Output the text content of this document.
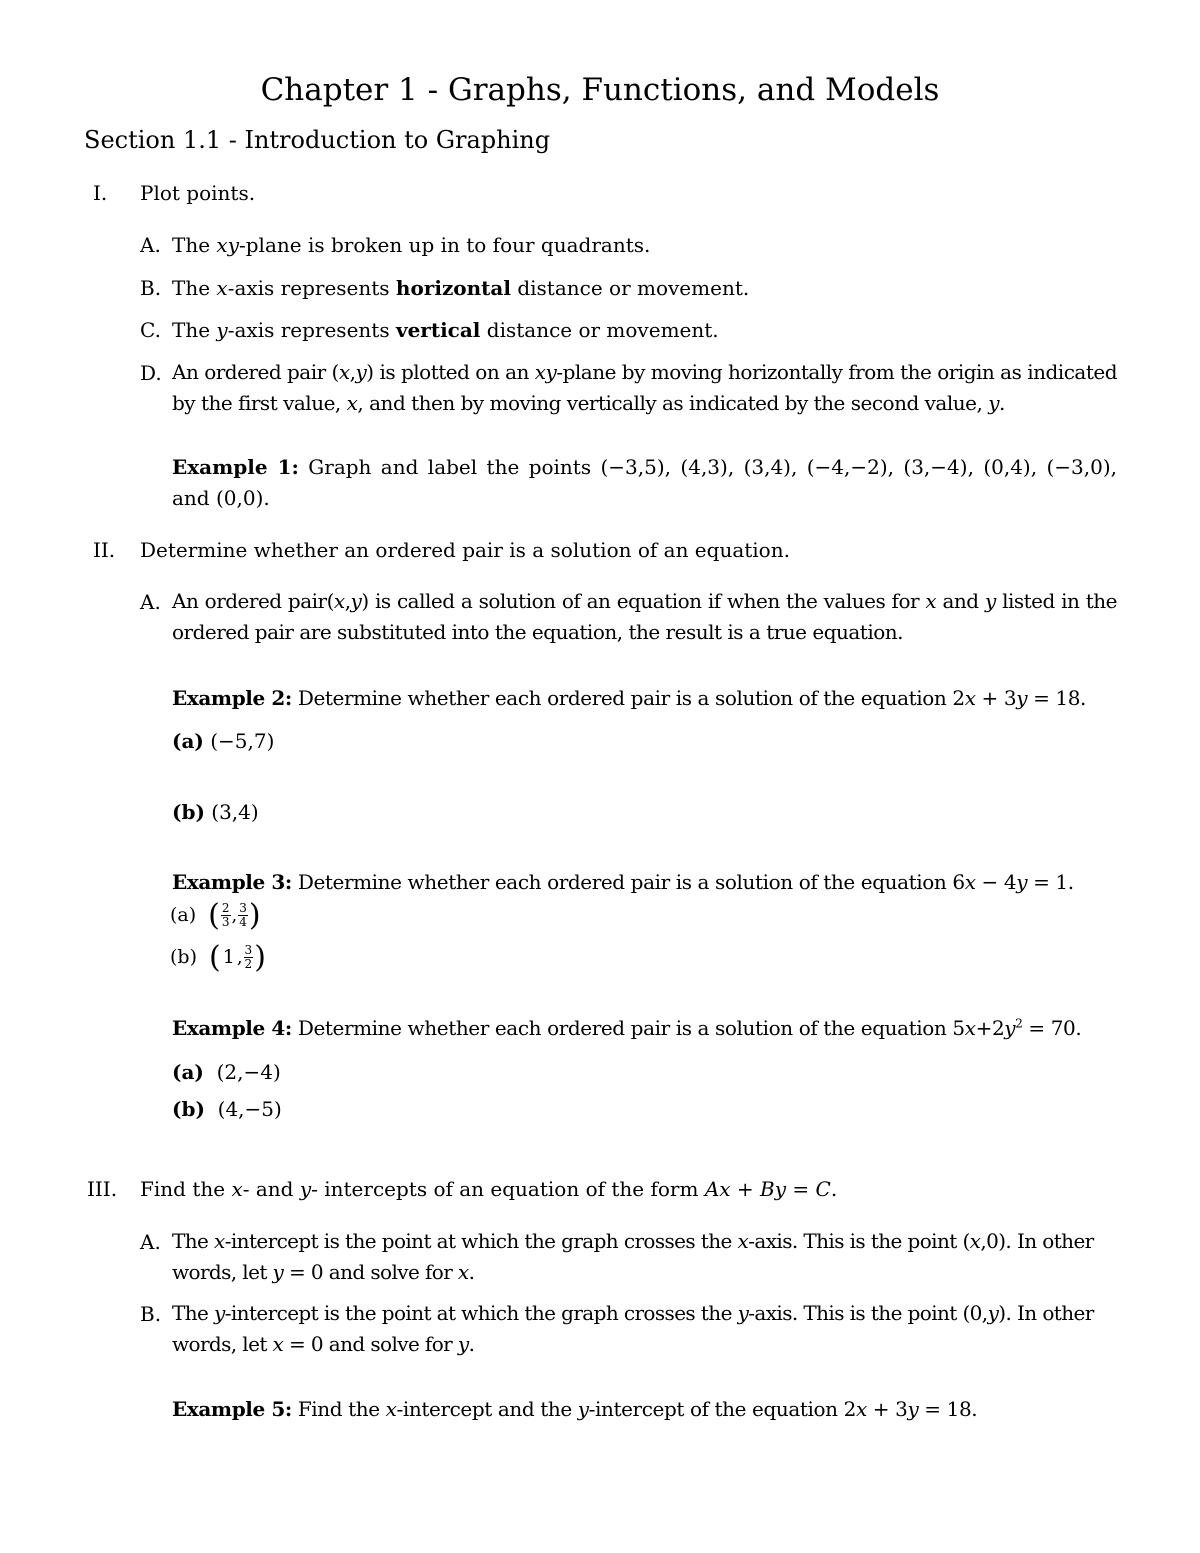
Chapter 1 - Graphs, Functions, and Models
Section 1.1 - Introduction to Graphing
I. Plot points.
A. The xy-plane is broken up in to four quadrants.
B. The x-axis represents horizontal distance or movement.
C. The y-axis represents vertical distance or movement.
D. An ordered pair (x,y) is plotted on an xy-plane by moving horizontally from the origin as indicated by the first value, x, and then by moving vertically as indicated by the second value, y.
Example 1: Graph and label the points (−3,5), (4,3), (3,4), (−4,−2), (3,−4), (0,4), (−3,0), and (0,0).
II. Determine whether an ordered pair is a solution of an equation.
A. An ordered pair(x,y) is called a solution of an equation if when the values for x and y listed in the ordered pair are substituted into the equation, the result is a true equation.
Example 2: Determine whether each ordered pair is a solution of the equation 2x + 3y = 18.
(a) (−5,7)
(b) (3,4)
Example 3: Determine whether each ordered pair is a solution of the equation 6x − 4y = 1.
(a) ( $\frac{2}{3}$ , $\frac{3}{4}$ )
(b) ( 1 , $\frac{3}{2}$ )
Example 4: Determine whether each ordered pair is a solution of the equation $5x+2y^2 = 70$.
(a)  (2,−4)
(b)  (4,−5)
III. Find the x- and y- intercepts of an equation of the form Ax + By = C.
A. The x-intercept is the point at which the graph crosses the x-axis. This is the point (x,0). In other words, let y = 0 and solve for x.
B. The y-intercept is the point at which the graph crosses the y-axis. This is the point (0,y). In other words, let x = 0 and solve for y.
Example 5: Find the x-intercept and the y-intercept of the equation 2x + 3y = 18.
